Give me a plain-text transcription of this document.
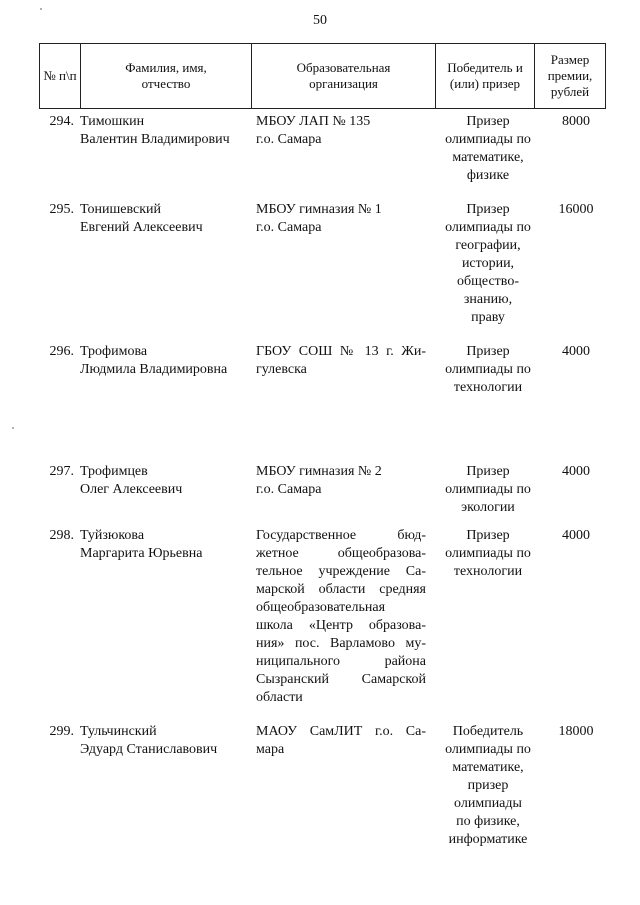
50
№ п\п
Фамилия, имя, отчество
Образовательная организация
Победитель и (или) призер
Размер премии, рублей
294. Тимошкин
Валентин Владимирович
МБОУ ЛАП № 135
г.о. Самара
Призер
олимпиады по
математике,
физике
8000
295. Тонишевский
Евгений Алексеевич
МБОУ гимназия № 1
г.о. Самара
Призер
олимпиады по
географии,
истории,
общество-
знанию,
праву
16000
296. Трофимова
Людмила Владимировна
ГБОУ СОШ № 13 г. Жи-
гулевска
Призер
олимпиады по
технологии
4000
297. Трофимцев
Олег Алексеевич
МБОУ гимназия № 2
г.о. Самара
Призер
олимпиады по
экологии
4000
298. Туйзюкова
Маргарита Юрьевна
Государственное бюд-
жетное общеобразова-
тельное учреждение Са-
марской области средняя
общеобразовательная
школа «Центр образова-
ния» пос. Варламово му-
ниципального района
Сызранский Самарской
области
Призер
олимпиады по
технологии
4000
299. Тульчинский
Эдуард Станиславович
МАОУ СамЛИТ г.о. Са-
мара
Победитель
олимпиады по
математике,
призер
олимпиады
по физике,
информатике
18000
